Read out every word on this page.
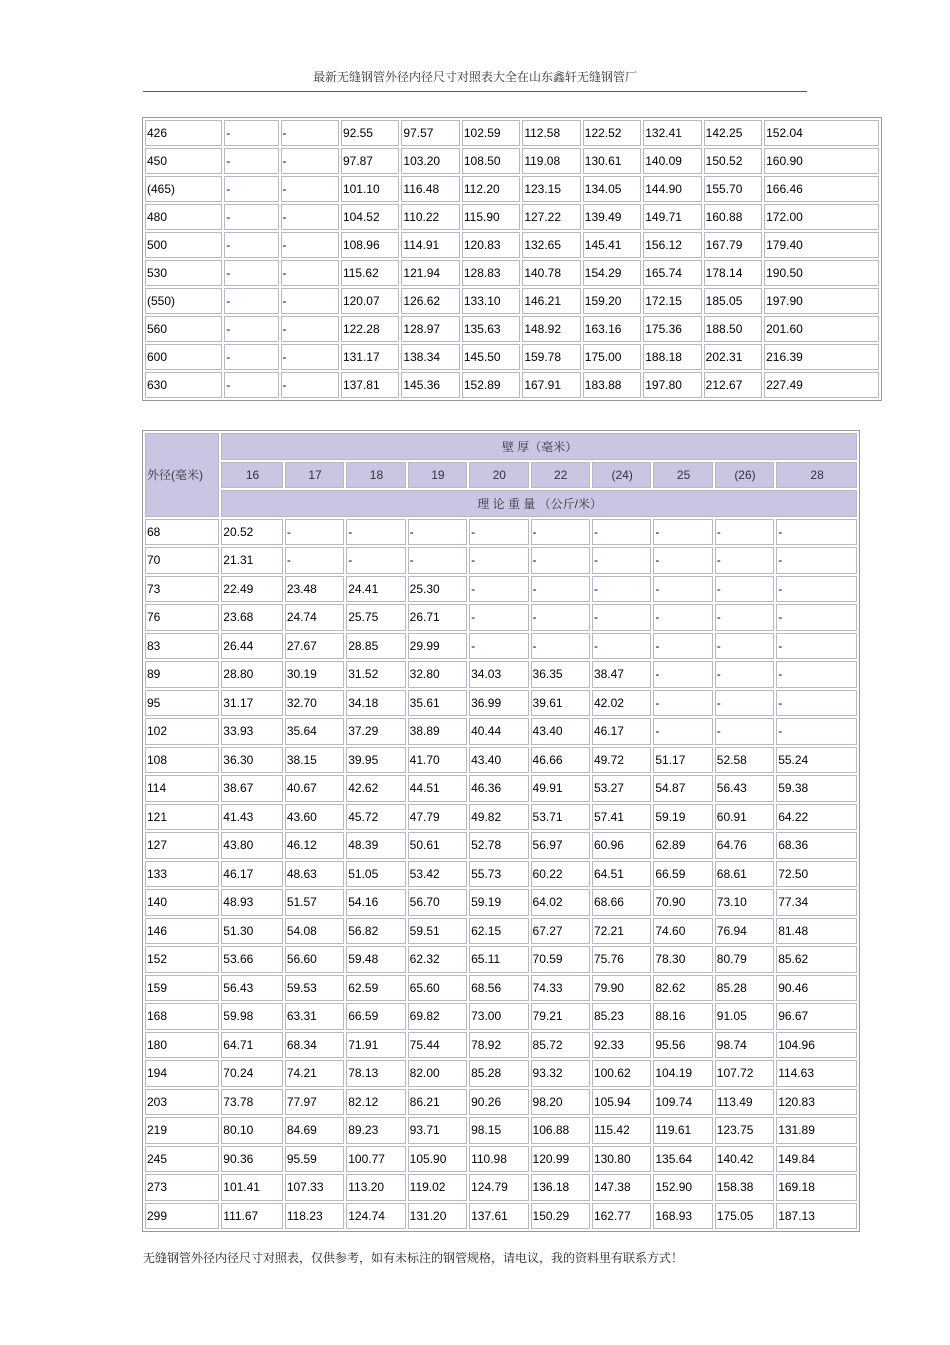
最新无缝钢管外径内径尺寸对照表大全在山东鑫轩无缝钢管厂
426	-	-	92.55	97.57	102.59	112.58	122.52	132.41	142.25	152.04
450	-	-	97.87	103.20	108.50	119.08	130.61	140.09	150.52	160.90
(465)	-	-	101.10	116.48	112.20	123.15	134.05	144.90	155.70	166.46
480	-	-	104.52	110.22	115.90	127.22	139.49	149.71	160.88	172.00
500	-	-	108.96	114.91	120.83	132.65	145.41	156.12	167.79	179.40
530	-	-	115.62	121.94	128.83	140.78	154.29	165.74	178.14	190.50
(550)	-	-	120.07	126.62	133.10	146.21	159.20	172.15	185.05	197.90
560	-	-	122.28	128.97	135.63	148.92	163.16	175.36	188.50	201.60
600	-	-	131.17	138.34	145.50	159.78	175.00	188.18	202.31	216.39
630	-	-	137.81	145.36	152.89	167.91	183.88	197.80	212.67	227.49
外径(毫米)	壁 厚（毫米）									
	16	17	18	19	20	22	(24)	25	(26)	28
	理 论 重 量 （公斤/米）									
68	20.52	-	-	-	-	-	-	-	-	-
70	21.31	-	-	-	-	-	-	-	-	-
73	22.49	23.48	24.41	25.30	-	-	-	-	-	-
76	23.68	24.74	25.75	26.71	-	-	-	-	-	-
83	26.44	27.67	28.85	29.99	-	-	-	-	-	-
89	28.80	30.19	31.52	32.80	34.03	36.35	38.47	-	-	-
95	31.17	32.70	34.18	35.61	36.99	39.61	42.02	-	-	-
102	33.93	35.64	37.29	38.89	40.44	43.40	46.17	-	-	-
108	36.30	38.15	39.95	41.70	43.40	46.66	49.72	51.17	52.58	55.24
114	38.67	40.67	42.62	44.51	46.36	49.91	53.27	54.87	56.43	59.38
121	41.43	43.60	45.72	47.79	49.82	53.71	57.41	59.19	60.91	64.22
127	43.80	46.12	48.39	50.61	52.78	56.97	60.96	62.89	64.76	68.36
133	46.17	48.63	51.05	53.42	55.73	60.22	64.51	66.59	68.61	72.50
140	48.93	51.57	54.16	56.70	59.19	64.02	68.66	70.90	73.10	77.34
146	51.30	54.08	56.82	59.51	62.15	67.27	72.21	74.60	76.94	81.48
152	53.66	56.60	59.48	62.32	65.11	70.59	75.76	78.30	80.79	85.62
159	56.43	59.53	62.59	65.60	68.56	74.33	79.90	82.62	85.28	90.46
168	59.98	63.31	66.59	69.82	73.00	79.21	85.23	88.16	91.05	96.67
180	64.71	68.34	71.91	75.44	78.92	85.72	92.33	95.56	98.74	104.96
194	70.24	74.21	78.13	82.00	85.28	93.32	100.62	104.19	107.72	114.63
203	73.78	77.97	82.12	86.21	90.26	98.20	105.94	109.74	113.49	120.83
219	80.10	84.69	89.23	93.71	98.15	106.88	115.42	119.61	123.75	131.89
245	90.36	95.59	100.77	105.90	110.98	120.99	130.80	135.64	140.42	149.84
273	101.41	107.33	113.20	119.02	124.79	136.18	147.38	152.90	158.38	169.18
299	111.67	118.23	124.74	131.20	137.61	150.29	162.77	168.93	175.05	187.13
无缝钢管外径内径尺寸对照表，仅供参考，如有未标注的钢管规格，请电议，我的资料里有联系方式！
